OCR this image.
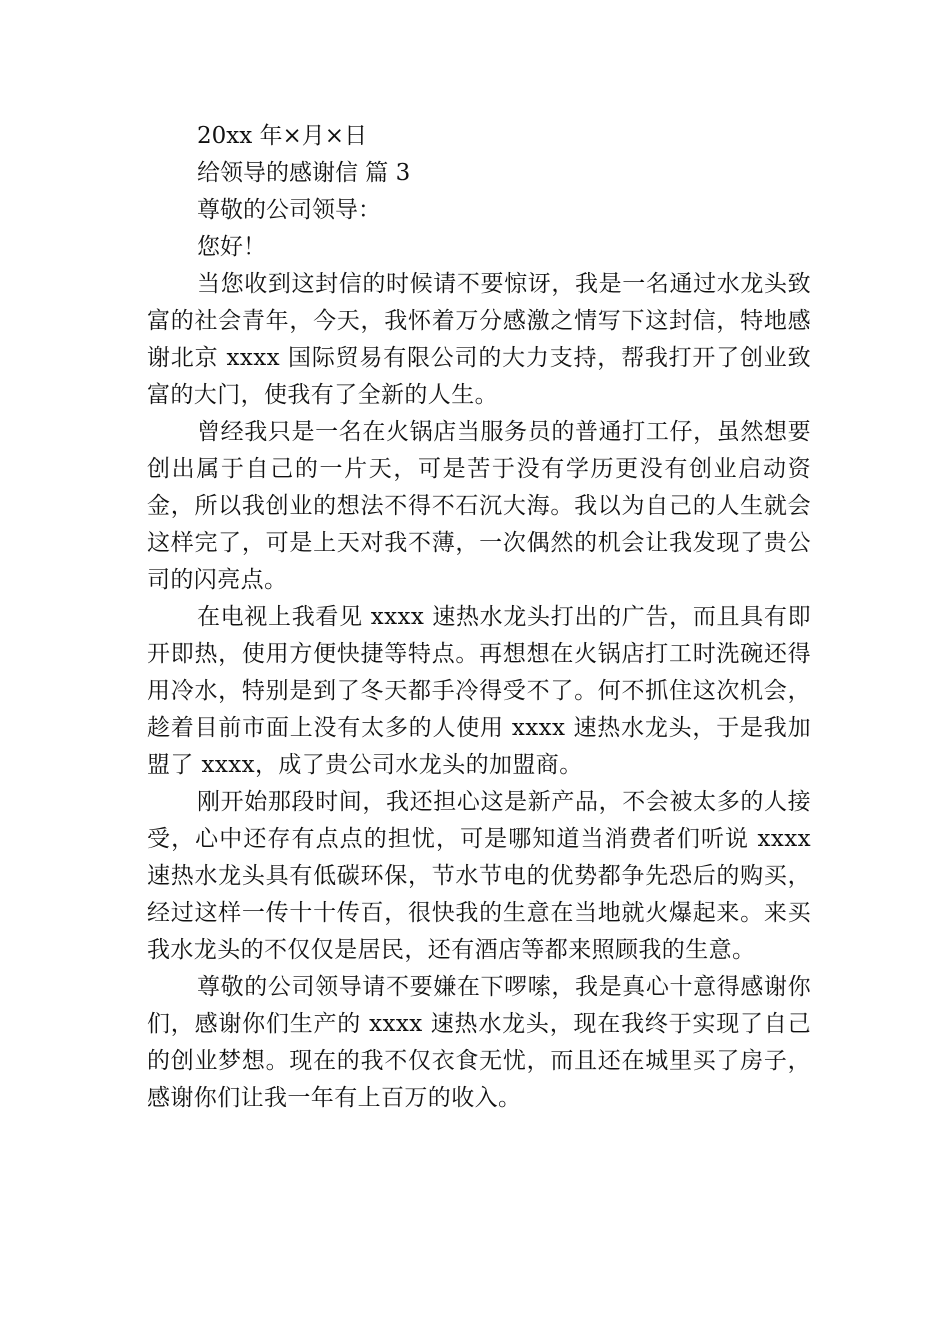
20xx 年×月×日

给领导的感谢信 篇 3

尊敬的公司领导：

您好！

当您收到这封信的时候请不要惊讶，我是一名通过水龙头致富的社会青年，今天，我怀着万分感激之情写下这封信，特地感谢北京 xxxx 国际贸易有限公司的大力支持，帮我打开了创业致富的大门，使我有了全新的人生。

曾经我只是一名在火锅店当服务员的普通打工仔，虽然想要创出属于自己的一片天，可是苦于没有学历更没有创业启动资金，所以我创业的想法不得不石沉大海。我以为自己的人生就会这样完了，可是上天对我不薄，一次偶然的机会让我发现了贵公司的闪亮点。

在电视上我看见 xxxx 速热水龙头打出的广告，而且具有即开即热，使用方便快捷等特点。再想想在火锅店打工时洗碗还得用冷水，特别是到了冬天都手冷得受不了。何不抓住这次机会，趁着目前市面上没有太多的人使用 xxxx 速热水龙头，于是我加盟了 xxxx，成了贵公司水龙头的加盟商。

刚开始那段时间，我还担心这是新产品，不会被太多的人接受，心中还存有点点的担忧，可是哪知道当消费者们听说 xxxx 速热水龙头具有低碳环保，节水节电的优势都争先恐后的购买，经过这样一传十十传百，很快我的生意在当地就火爆起来。来买我水龙头的不仅仅是居民，还有酒店等都来照顾我的生意。

尊敬的公司领导请不要嫌在下啰嗦，我是真心十意得感谢你们，感谢你们生产的 xxxx 速热水龙头，现在我终于实现了自己的创业梦想。现在的我不仅衣食无忧，而且还在城里买了房子，感谢你们让我一年有上百万的收入。
